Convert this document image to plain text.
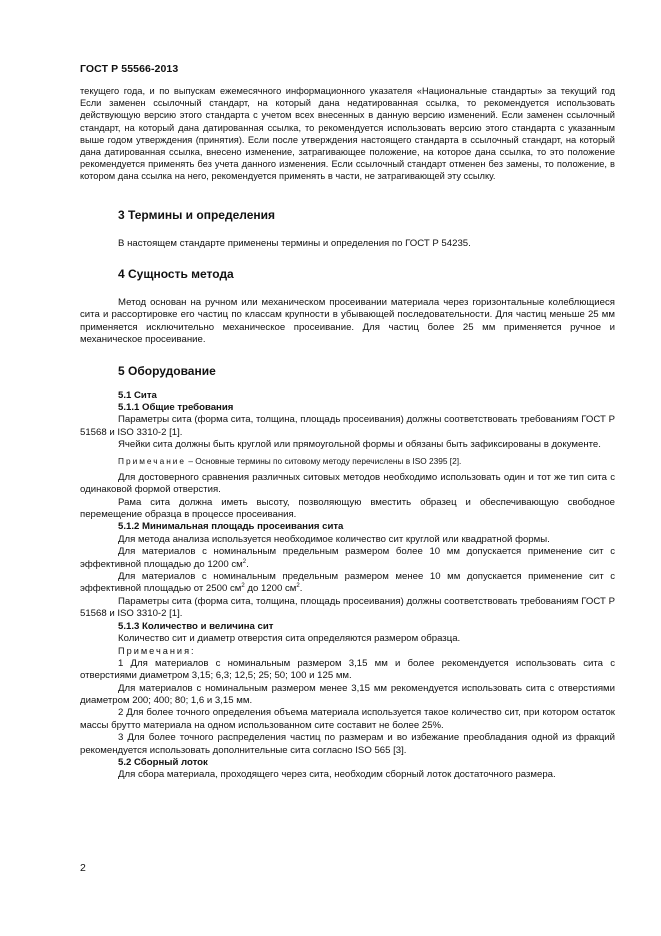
ГОСТ Р 55566-2013

текущего года, и по выпускам ежемесячного информационного указателя «Национальные стандарты» за текущий год Если заменен ссылочный стандарт, на который дана недатированная ссылка, то рекомендуется использовать действующую версию этого стандарта с учетом всех внесенных в данную версию изменений. Если заменен ссылочный стандарт, на который дана датированная ссылка, то рекомендуется использовать версию этого стандарта с указанным выше годом утверждения (принятия). Если после утверждения настоящего стандарта в ссылочный стандарт, на который дана датированная ссылка, внесено изменение, затрагивающее положение, на которое дана ссылка, то это положение рекомендуется применять без учета данного изменения. Если ссылочный стандарт отменен без замены, то положение, в котором дана ссылка на него, рекомендуется применять в части, не затрагивающей эту ссылку.

3 Термины и определения

В настоящем стандарте применены термины и определения по ГОСТ Р 54235.

4 Сущность метода

Метод основан на ручном или механическом просеивании материала через горизонтальные колеблющиеся сита и рассортировке его частиц по классам крупности в убывающей последовательности. Для частиц меньше 25 мм применяется исключительно механическое просеивание. Для частиц более 25 мм применяется ручное и механическое просеивание.

5 Оборудование

5.1 Сита

5.1.1 Общие требования

Параметры сита (форма сита, толщина, площадь просеивания) должны соответствовать требованиям ГОСТ Р 51568 и ISO 3310-2 [1].

Ячейки сита должны быть круглой или прямоугольной формы и обязаны быть зафиксированы в документе.

Примечание – Основные термины по ситовому методу перечислены в ISO 2395 [2].

Для достоверного сравнения различных ситовых методов необходимо использовать один и тот же тип сита с одинаковой формой отверстия.

Рама сита должна иметь высоту, позволяющую вместить образец и обеспечивающую свободное перемещение образца в процессе просеивания.

5.1.2 Минимальная площадь просеивания сита

Для метода анализа используется необходимое количество сит круглой или квадратной формы.

Для материалов с номинальным предельным размером более 10 мм допускается применение сит с эффективной площадью до 1200 $см^2$.

Для материалов с номинальным предельным размером менее 10 мм допускается применение сит с эффективной площадью от 2500 $см^2$ до 1200 $см^2$.

Параметры сита (форма сита, толщина, площадь просеивания) должны соответствовать требованиям ГОСТ Р 51568 и ISO 3310-2 [1].

5.1.3 Количество и величина сит

Количество сит и диаметр отверстия сита определяются размером образца.

Примечания:

1 Для материалов с номинальным размером 3,15 мм и более рекомендуется использовать сита с отверстиями диаметром 3,15; 6,3; 12,5; 25; 50; 100 и 125 мм.

Для материалов с номинальным размером менее 3,15 мм рекомендуется использовать сита с отверстиями диаметром 200; 400; 80; 1,6 и 3,15 мм.

2 Для более точного определения объема материала используется такое количество сит, при котором остаток массы брутто материала на одном использованном сите составит не более 25%.

3 Для более точного распределения частиц по размерам и во избежание преобладания одной из фракций рекомендуется использовать дополнительные сита согласно ISO 565 [3].

5.2 Сборный лоток

Для сбора материала, проходящего через сита, необходим сборный лоток достаточного размера.

2
